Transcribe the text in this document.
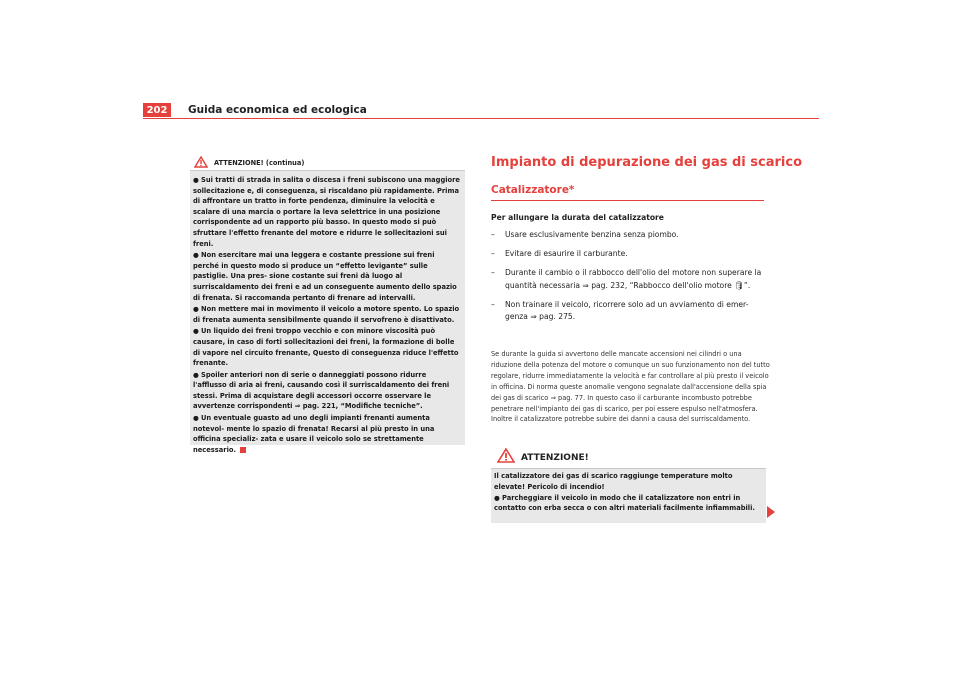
202	Guida economica ed ecologica
ATTENZIONE! (continua)
● Sui tratti di strada in salita o discesa i freni subiscono una maggiore sollecitazione e, di conseguenza, si riscaldano più rapidamente. Prima di affrontare un tratto in forte pendenza, diminuire la velocità e scalare di una marcia o portare la leva selettrice in una posizione corrispondente ad un rapporto più basso. In questo modo si può sfruttare l'effetto frenante del motore e ridurre le sollecitazioni sui freni.
● Non esercitare mai una leggera e costante pressione sui freni perché in questo modo si produce un “effetto levigante” sulle pastiglie. Una pres- sione costante sui freni dà luogo al surriscaldamento dei freni e ad un conseguente aumento dello spazio di frenata. Si raccomanda pertanto di frenare ad intervalli.
● Non mettere mai in movimento il veicolo a motore spento. Lo spazio di frenata aumenta sensibilmente quando il servofreno è disattivato.
● Un liquido dei freni troppo vecchio e con minore viscosità può causare, in caso di forti sollecitazioni dei freni, la formazione di bolle di vapore nel circuito frenante, Questo di conseguenza riduce l'effetto frenante.
● Spoiler anteriori non di serie o danneggiati possono ridurre l'afflusso di aria ai freni, causando così il surriscaldamento dei freni stessi. Prima di acquistare degli accessori occorre osservare le avvertenze corrispondenti ⇒ pag. 221, “Modifiche tecniche”.
● Un eventuale guasto ad uno degli impianti frenanti aumenta notevol- mente lo spazio di frenata! Recarsi al più presto in una officina specializ- zata e usare il veicolo solo se strettamente necessario.
Impianto di depurazione dei gas di scarico
Catalizzatore*
Per allungare la durata del catalizzatore
–	Usare esclusivamente benzina senza piombo.
–	Evitare di esaurire il carburante.
–	Durante il cambio o il rabbocco dell'olio del motore non superare la quantità necessaria ⇒ pag. 232, “Rabbocco dell'olio motore 🛢”.
–	Non trainare il veicolo, ricorrere solo ad un avviamento di emer- genza ⇒ pag. 275.
Se durante la guida si avvertono delle mancate accensioni nei cilindri o una riduzione della potenza del motore o comunque un suo funzionamento non del tutto regolare, ridurre immediatamente la velocità e far controllare al più presto il veicolo in officina. Di norma queste anomalie vengono segnalate dall'accensione della spia dei gas di scarico ⇒ pag. 77. In questo caso il carburante incombusto potrebbe penetrare nell'impianto dei gas di scarico, per poi essere espulso nell'atmosfera. Inoltre il catalizzatore potrebbe subire dei danni a causa del surriscaldamento.
ATTENZIONE!
Il catalizzatore dei gas di scarico raggiunge temperature molto elevate! Pericolo di incendio!
● Parcheggiare il veicolo in modo che il catalizzatore non entri in contatto con erba secca o con altri materiali facilmente infiammabili.
